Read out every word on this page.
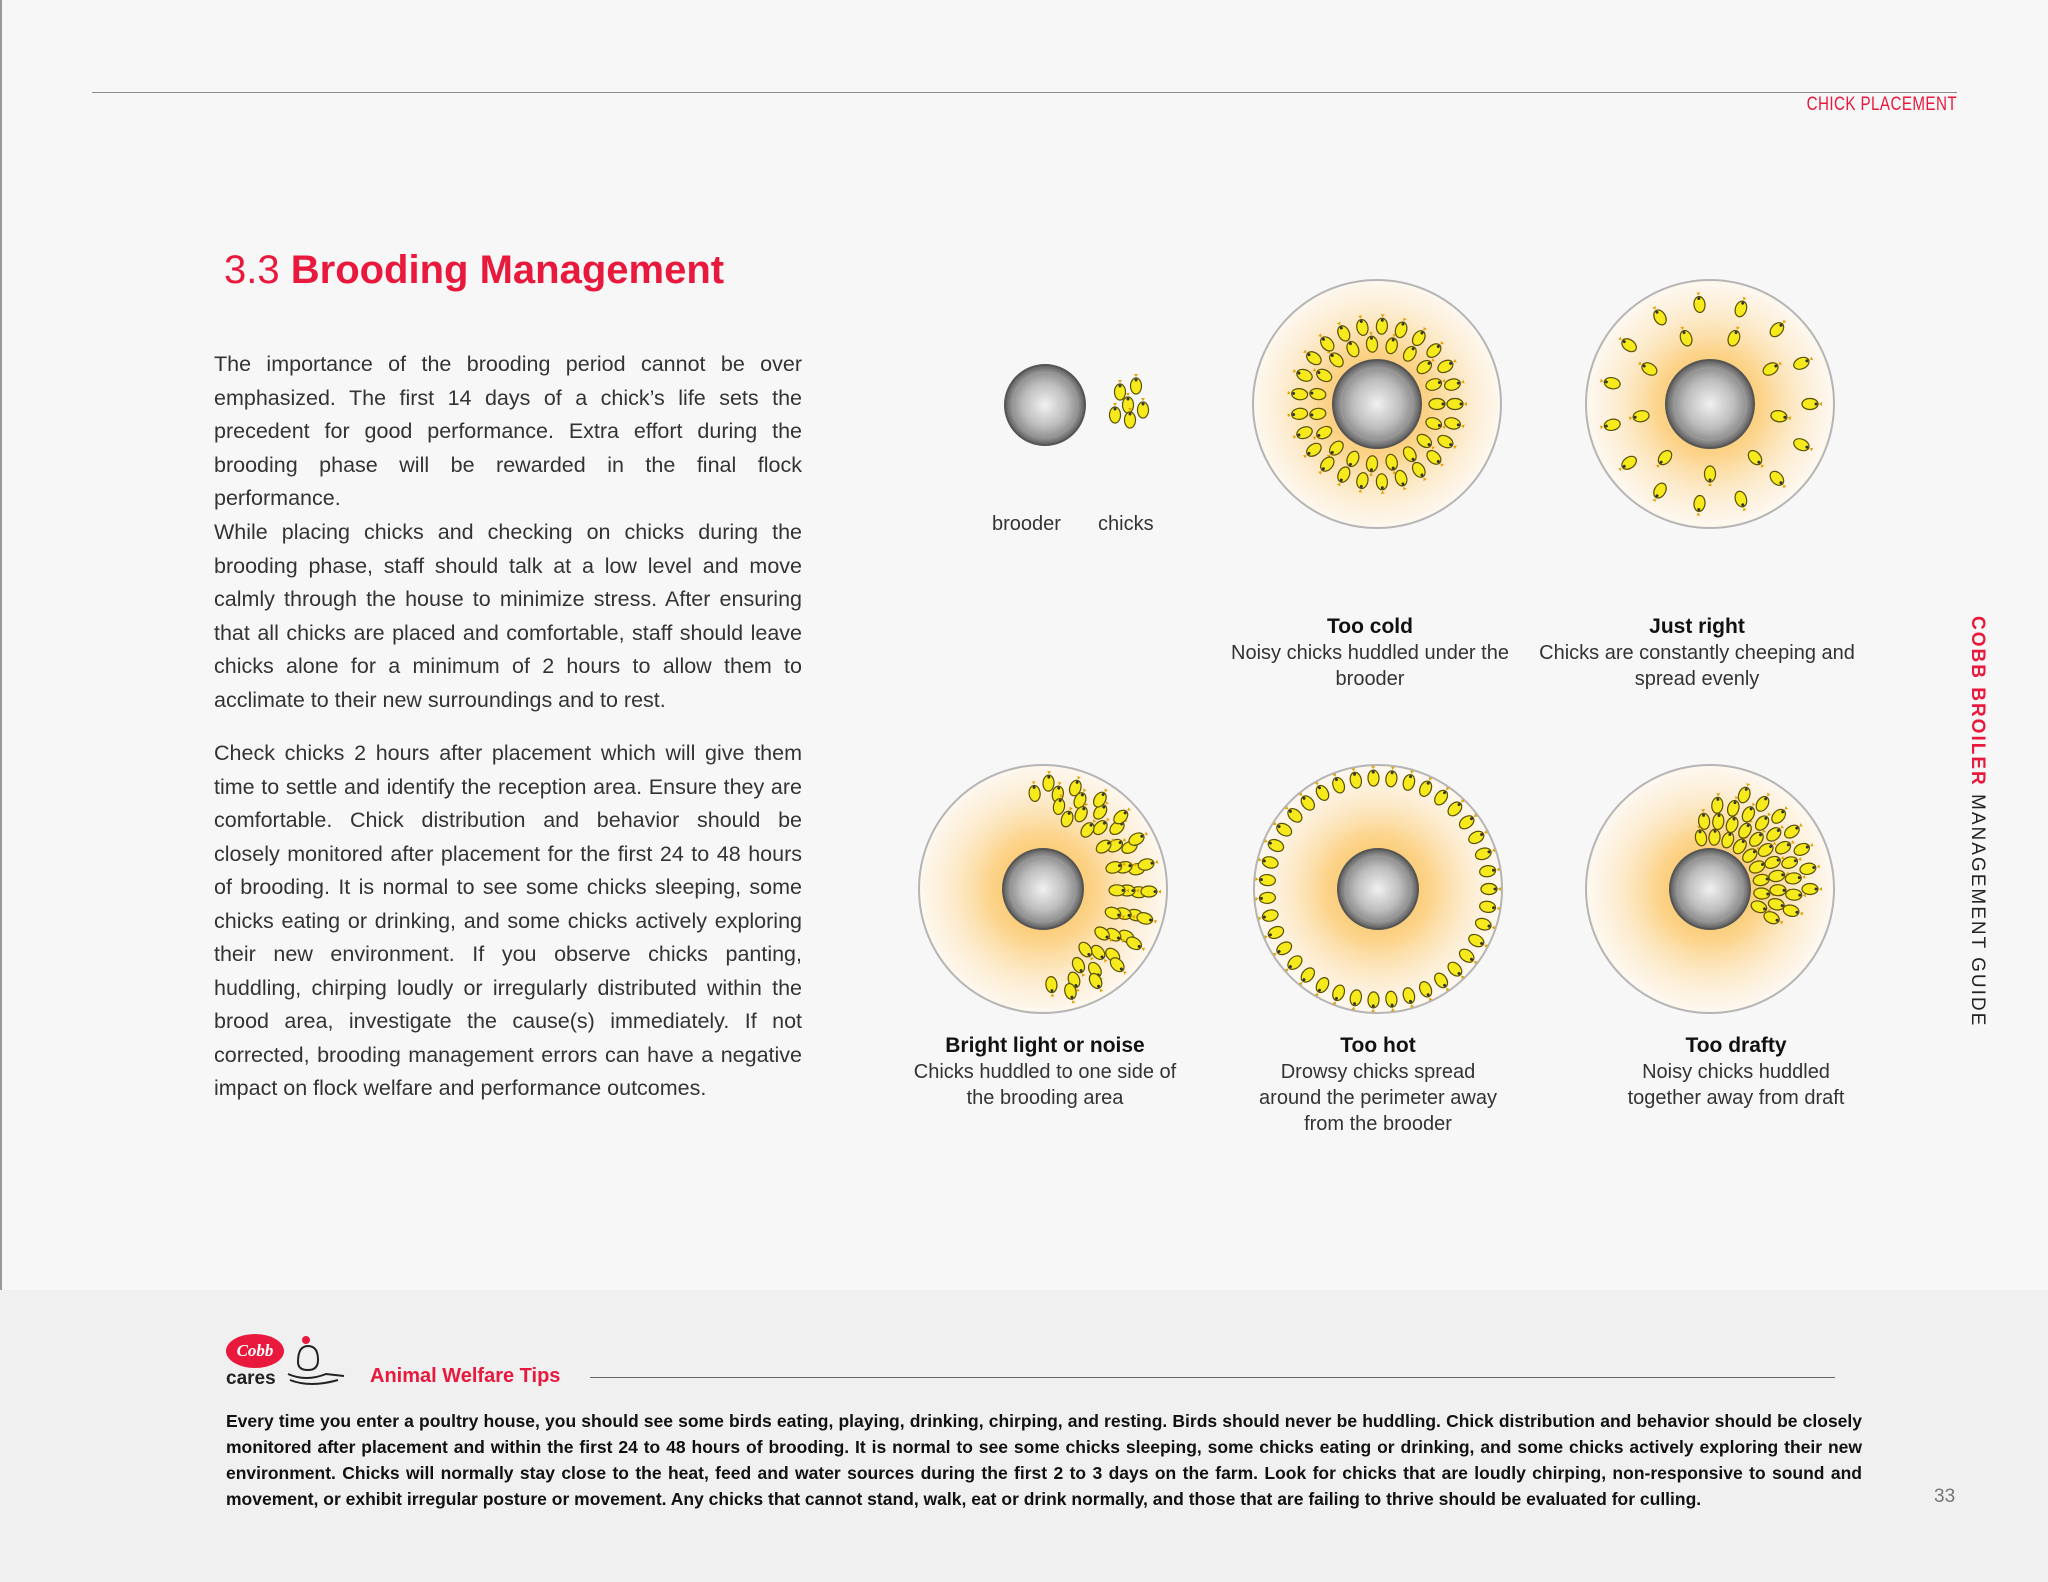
CHICK PLACEMENT
COBB BROILER MANAGEMENT GUIDE
3.3 Brooding Management

The importance of the brooding period cannot be over emphasized. The first 14 days of a chick’s life sets the precedent for good performance. Extra effort during the brooding phase will be rewarded in the final flock performance.

While placing chicks and checking on chicks during the brooding phase, staff should talk at a low level and move calmly through the house to minimize stress. After ensuring that all chicks are placed and comfortable, staff should leave chicks alone for a minimum of 2 hours to allow them to acclimate to their new surroundings and to rest.

Check chicks 2 hours after placement which will give them time to settle and identify the reception area. Ensure they are comfortable. Chick distribution and behavior should be closely monitored after placement for the first 24 to 48 hours of brooding. It is normal to see some chicks sleeping, some chicks eating or drinking, and some chicks actively exploring their new environment. If you observe chicks panting, huddling, chirping loudly or irregularly distributed within the brood area, investigate the cause(s) immediately. If not corrected, brooding management errors can have a negative impact on flock welfare and performance outcomes.

brooder chicks
Too cold
Noisy chicks huddled under the brooder
Just right
Chicks are constantly cheeping and spread evenly
Bright light or noise
Chicks huddled to one side of the brooding area
Too hot
Drowsy chicks spread around the perimeter away from the brooder
Too drafty
Noisy chicks huddled together away from draft
Cobb
cares	Animal Welfare Tips

Every time you enter a poultry house, you should see some birds eating, playing, drinking, chirping, and resting. Birds should never be huddling. Chick distribution and behavior should be closely monitored after placement and within the first 24 to 48 hours of brooding. It is normal to see some chicks sleeping, some chicks eating or drinking, and some chicks actively exploring their new environment. Chicks will normally stay close to the heat, feed and water sources during the first 2 to 3 days on the farm. Look for chicks that are loudly chirping, non-responsive to sound and movement, or exhibit irregular posture or movement. Any chicks that cannot stand, walk, eat or drink normally, and those that are failing to thrive should be evaluated for culling.	33
